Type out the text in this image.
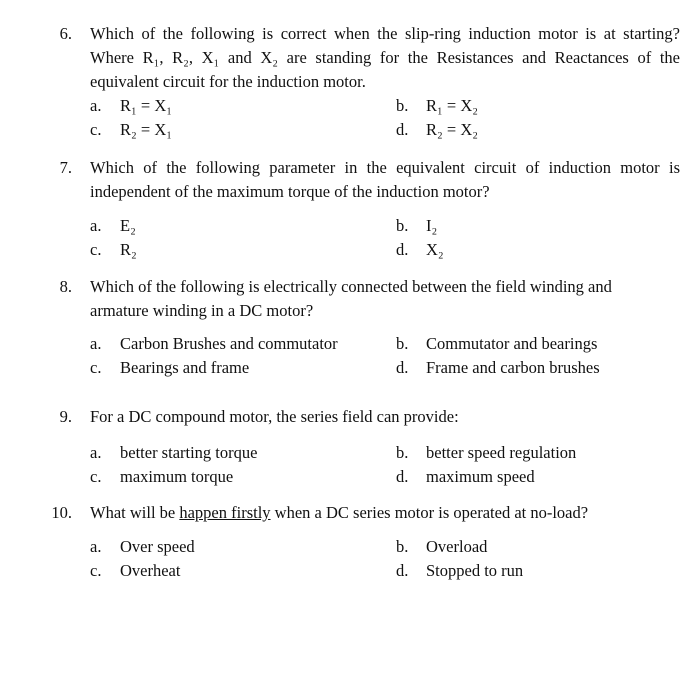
6. Which of the following is correct when the slip-ring induction motor is at starting?
Where R₁, R₂, X₁ and X₂ are standing for the Resistances and Reactances of the
equivalent circuit for the induction motor.
a. R₁ = X₁	b. R₁ = X₂
c. R₂ = X₁	d. R₂ = X₂
7. Which of the following parameter in the equivalent circuit of induction motor is
independent of the maximum torque of the induction motor?
a. E₂	b. I₂
c. R₂	d. X₂
8. Which of the following is electrically connected between the field winding and
armature winding in a DC motor?
a. Carbon Brushes and commutator	b. Commutator and bearings
c. Bearings and frame	d. Frame and carbon brushes
9. For a DC compound motor, the series field can provide:
a. better starting torque	b. better speed regulation
c. maximum torque	d. maximum speed
10. What will be happen firstly when a DC series motor is operated at no-load?
a. Over speed	b. Overload
c. Overheat	d. Stopped to run
